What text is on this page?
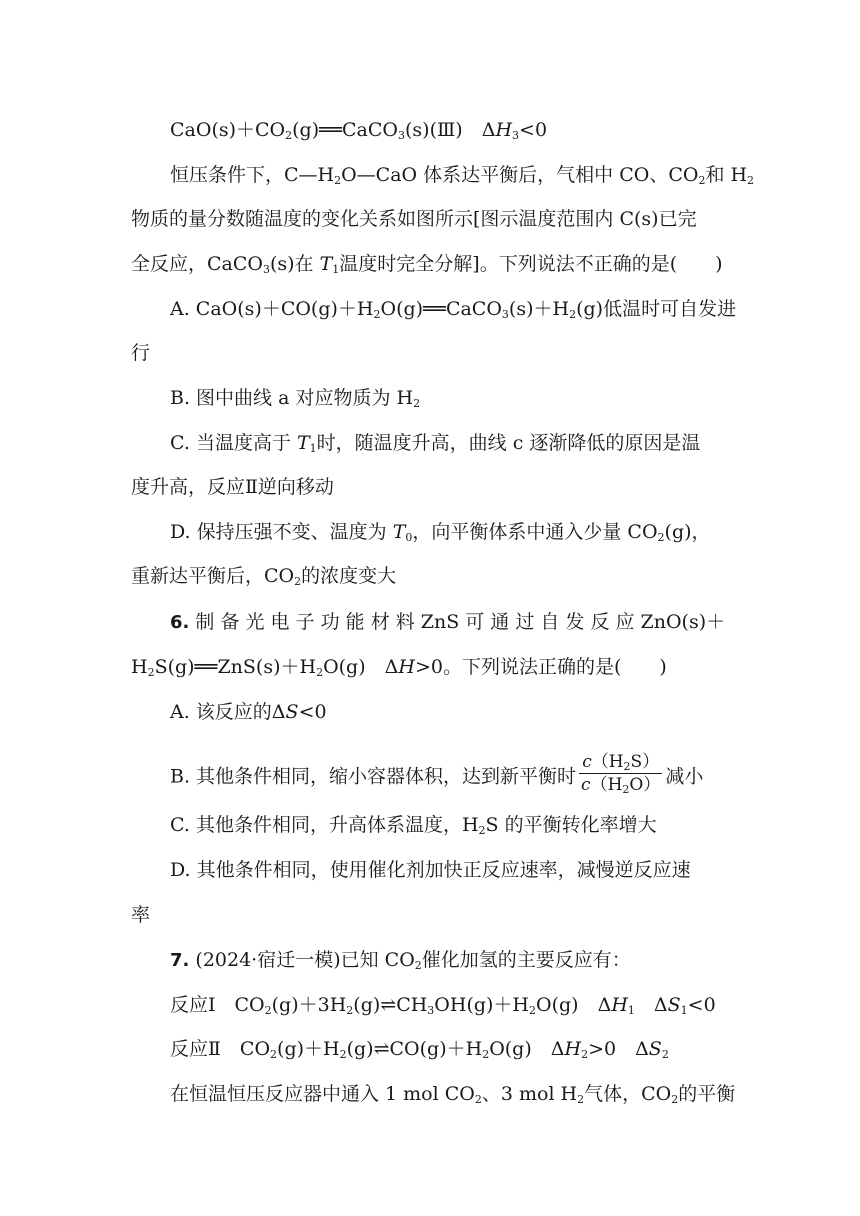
$CaO(s)+CO_2(g)══CaCO_3(s)(Ⅲ)$　$\Delta H_3<0$
恒压条件下，$C—H_2O—CaO$ 体系达平衡后，气相中 CO、$CO_2$和 $H_2$
物质的量分数随温度的变化关系如图所示[图示温度范围内 C(s)已完
全反应，CaCO$_3$(s)在 $T_1$温度时完全分解]。下列说法不正确的是(　　)
A. $CaO(s)+CO(g)+H_2O(g)══CaCO_3(s)+H_2(g)$低温时可自发进
行
B. 图中曲线 a 对应物质为 $H_2$
C. 当温度高于 $T_1$时，随温度升高，曲线 c 逐渐降低的原因是温
度升高，反应Ⅱ逆向移动
D. 保持压强不变、温度为 $T_0$，向平衡体系中通入少量 $CO_2(g)$，
重新达平衡后，$CO_2$的浓度变大
6. 制 备 光 电 子 功 能 材 料 ZnS 可 通 过 自 发 反 应 ZnO(s)＋
$H_2S(g)══ZnS(s)+H_2O(g)$　ΔH>0。下列说法正确的是(　　)
A. 该反应的ΔS<0
B. 其他条件相同，缩小容器体积，达到新平衡时 $\frac{c(H_2S)}{c(H_2O)}$ 减小
C. 其他条件相同，升高体系温度，$H_2S$ 的平衡转化率增大
D. 其他条件相同，使用催化剂加快正反应速率，减慢逆反应速
率
7. (2024·宿迁一模)已知 $CO_2$催化加氢的主要反应有：
反应Ⅰ　$CO_2(g)+3H_2(g)\rightleftharpoons CH_3OH(g)+H_2O(g)$　$\Delta H_1$　$\Delta S_1<0$
反应Ⅱ　$CO_2(g)+H_2(g)\rightleftharpoons CO(g)+H_2O(g)$　$\Delta H_2>0$　$\Delta S_2$
在恒温恒压反应器中通入 1 mol $CO_2$、3 mol $H_2$气体，$CO_2$的平衡
